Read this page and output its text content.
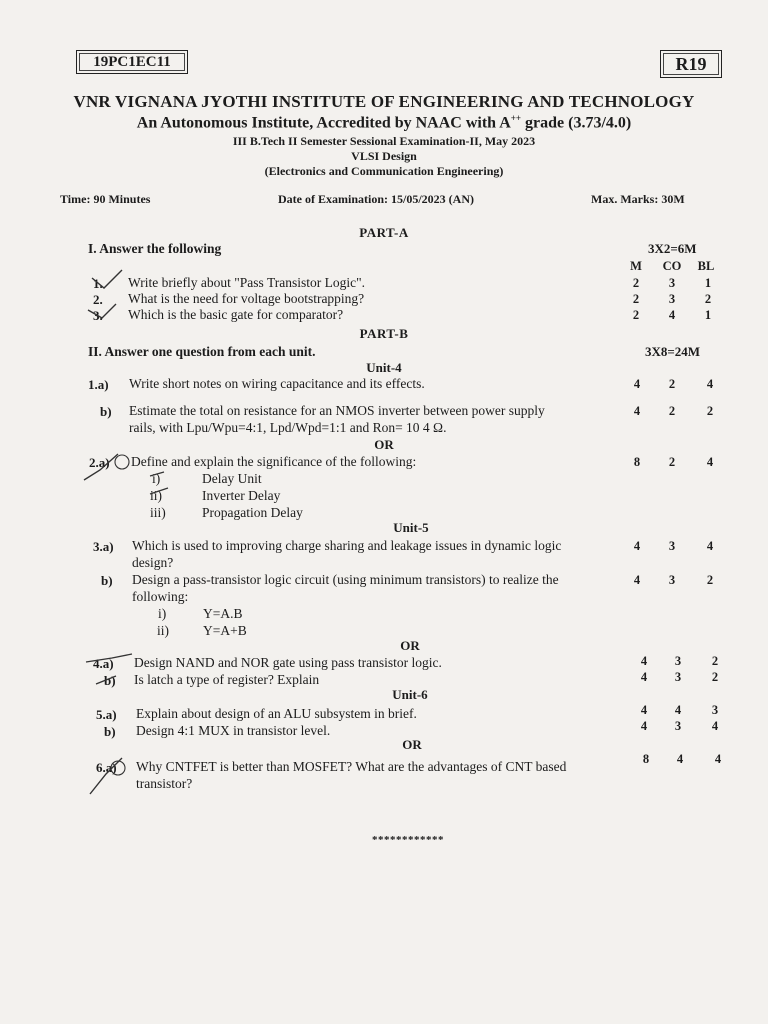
19PC1EC11	R19
VNR VIGNANA JYOTHI INSTITUTE OF ENGINEERING AND TECHNOLOGY
An Autonomous Institute, Accredited by NAAC with A++ grade (3.73/4.0)
III B.Tech II Semester Sessional Examination-II, May 2023
VLSI Design
(Electronics and Communication Engineering)
Time: 90 Minutes	Date of Examination: 15/05/2023 (AN)	Max. Marks: 30M
PART-A
I. Answer the following	3X2=6M
M	CO BL
1. Write briefly about "Pass Transistor Logic".	2	3	1
2. What is the need for voltage bootstrapping?	2	3	2
3. Which is the basic gate for comparator?	2	4	1
PART-B
II. Answer one question from each unit.	3X8=24M
Unit-4
1.a) Write short notes on wiring capacitance and its effects.	4	2	4
b) Estimate the total on resistance for an NMOS inverter between power supply
rails, with Lpu/Wpu=4:1, Lpd/Wpd=1:1 and Ron= 10 4 Ω.
4	2	2
OR
2.a) Define and explain the significance of the following:	8	2	4
i)	Delay Unit
ii)	Inverter Delay
iii)	Propagation Delay
Unit-5
3.a) Which is used to improving charge sharing and leakage issues in dynamic logic
design?
4	3	4
b) Design a pass-transistor logic circuit (using minimum transistors) to realize the
following:
4	3	2
i)	Y=A.B
ii)	Y=A+B
OR
4.a) Design NAND and NOR gate using pass transistor logic.	4	3	2
b) Is latch a type of register? Explain	4	3	2
Unit-6
5.a) Explain about design of an ALU subsystem in brief.	4	4	3
b) Design 4:1 MUX in transistor level.	4	3	4
OR
6.a) Why CNTFET is better than MOSFET? What are the advantages of CNT based
transistor?
8	4	4
************
